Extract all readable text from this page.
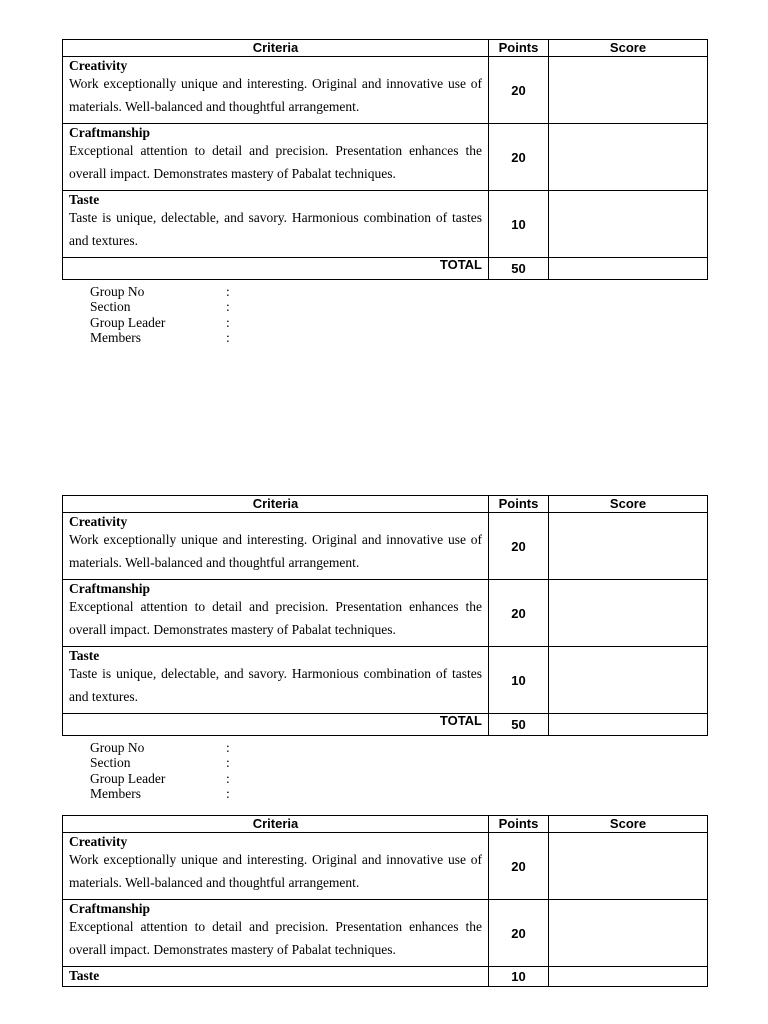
Criteria	Points	Score

Creativity
Work exceptionally unique and interesting. Original and innovative use of materials. Well-balanced and thoughtful arrangement.	20	

Craftmanship
Exceptional attention to detail and precision. Presentation enhances the overall impact. Demonstrates mastery of Pabalat techniques.	20	

Taste
Taste is unique, delectable, and savory. Harmonious combination of tastes and textures.	10	
TOTAL	50	
Group No	:
Section	:
Group Leader	:
Members	:
Criteria	Points	Score

Creativity
Work exceptionally unique and interesting. Original and innovative use of materials. Well-balanced and thoughtful arrangement.	20	

Craftmanship
Exceptional attention to detail and precision. Presentation enhances the overall impact. Demonstrates mastery of Pabalat techniques.	20	

Taste
Taste is unique, delectable, and savory. Harmonious combination of tastes and textures.	10	
TOTAL	50	
Group No	:
Section	:
Group Leader	:
Members	:
Criteria	Points	Score

Creativity
Work exceptionally unique and interesting. Original and innovative use of materials. Well-balanced and thoughtful arrangement.	20	

Craftmanship
Exceptional attention to detail and precision. Presentation enhances the overall impact. Demonstrates mastery of Pabalat techniques.	20	

Taste	10	
